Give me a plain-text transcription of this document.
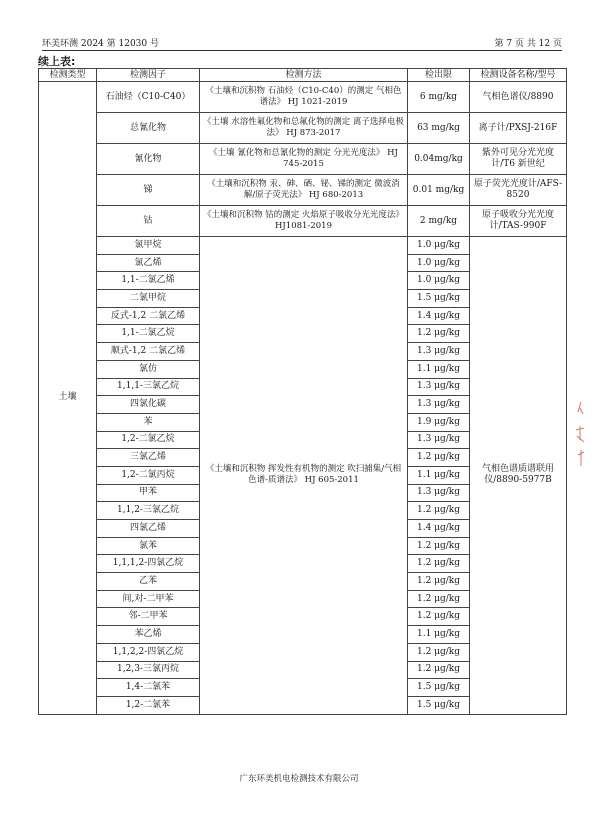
环美环测 2024 第 12030 号	第 7 页 共 12 页
续上表:
检测类型	检测因子	检测方法	检出限	检测设备名称/型号
土壤	石油烃（C10-C40）	《土壤和沉积物 石油烃（C10-C40）的测定 气相色谱法》 HJ 1021-2019	6 mg/kg	气相色谱仪/8890
	总氰化物	《土壤 水溶性氟化物和总氟化物的测定 离子选择电极法》 HJ 873-2017	63 mg/kg	离子计/PXSJ-216F
	氰化物	《土壤 氰化物和总氰化物的测定 分光光度法》 HJ 745-2015	0.04mg/kg	紫外可见分光光度计/T6 新世纪
	锑	《土壤和沉积物 汞、砷、硒、铋、锑的测定 微波消解/原子荧光法》 HJ 680-2013	0.01 mg/kg	原子荧光光度计/AFS-8520
	钴	《土壤和沉积物 钴的测定 火焰原子吸收分光光度法》 HJ1081-2019	2 mg/kg	原子吸收分光光度计/TAS-990F
	氯甲烷	《土壤和沉积物 挥发性有机物的测定 吹扫捕集/气相色谱-质谱法》 HJ 605-2011	1.0 μg/kg	气相色谱质谱联用仪/8890-5977B
	氯乙烯		1.0 μg/kg	
	1,1-二氯乙烯		1.0 μg/kg	
	二氯甲烷		1.5 μg/kg	
	反式-1,2 二氯乙烯		1.4 μg/kg	
	1,1-二氯乙烷		1.2 μg/kg	
	顺式-1,2 二氯乙烯		1.3 μg/kg	
	氯仿		1.1 μg/kg	
	1,1,1-三氯乙烷		1.3 μg/kg	
	四氯化碳		1.3 μg/kg	
	苯		1.9 μg/kg	
	1,2-二氯乙烷		1.3 μg/kg	
	三氯乙烯		1.2 μg/kg	
	1,2-二氯丙烷		1.1 μg/kg	
	甲苯		1.3 μg/kg	
	1,1,2-三氯乙烷		1.2 μg/kg	
	四氯乙烯		1.4 μg/kg	
	氯苯		1.2 μg/kg	
	1,1,1,2-四氯乙烷		1.2 μg/kg	
	乙苯		1.2 μg/kg	
	间,对-二甲苯		1.2 μg/kg	
	邻-二甲苯		1.2 μg/kg	
	苯乙烯		1.1 μg/kg	
	1,1,2,2-四氯乙烷		1.2 μg/kg	
	1,2,3-三氯丙烷		1.2 μg/kg	
	1,4-二氯苯		1.5 μg/kg	
	1,2-二氯苯		1.5 μg/kg	
广东环美机电检测技术有限公司
